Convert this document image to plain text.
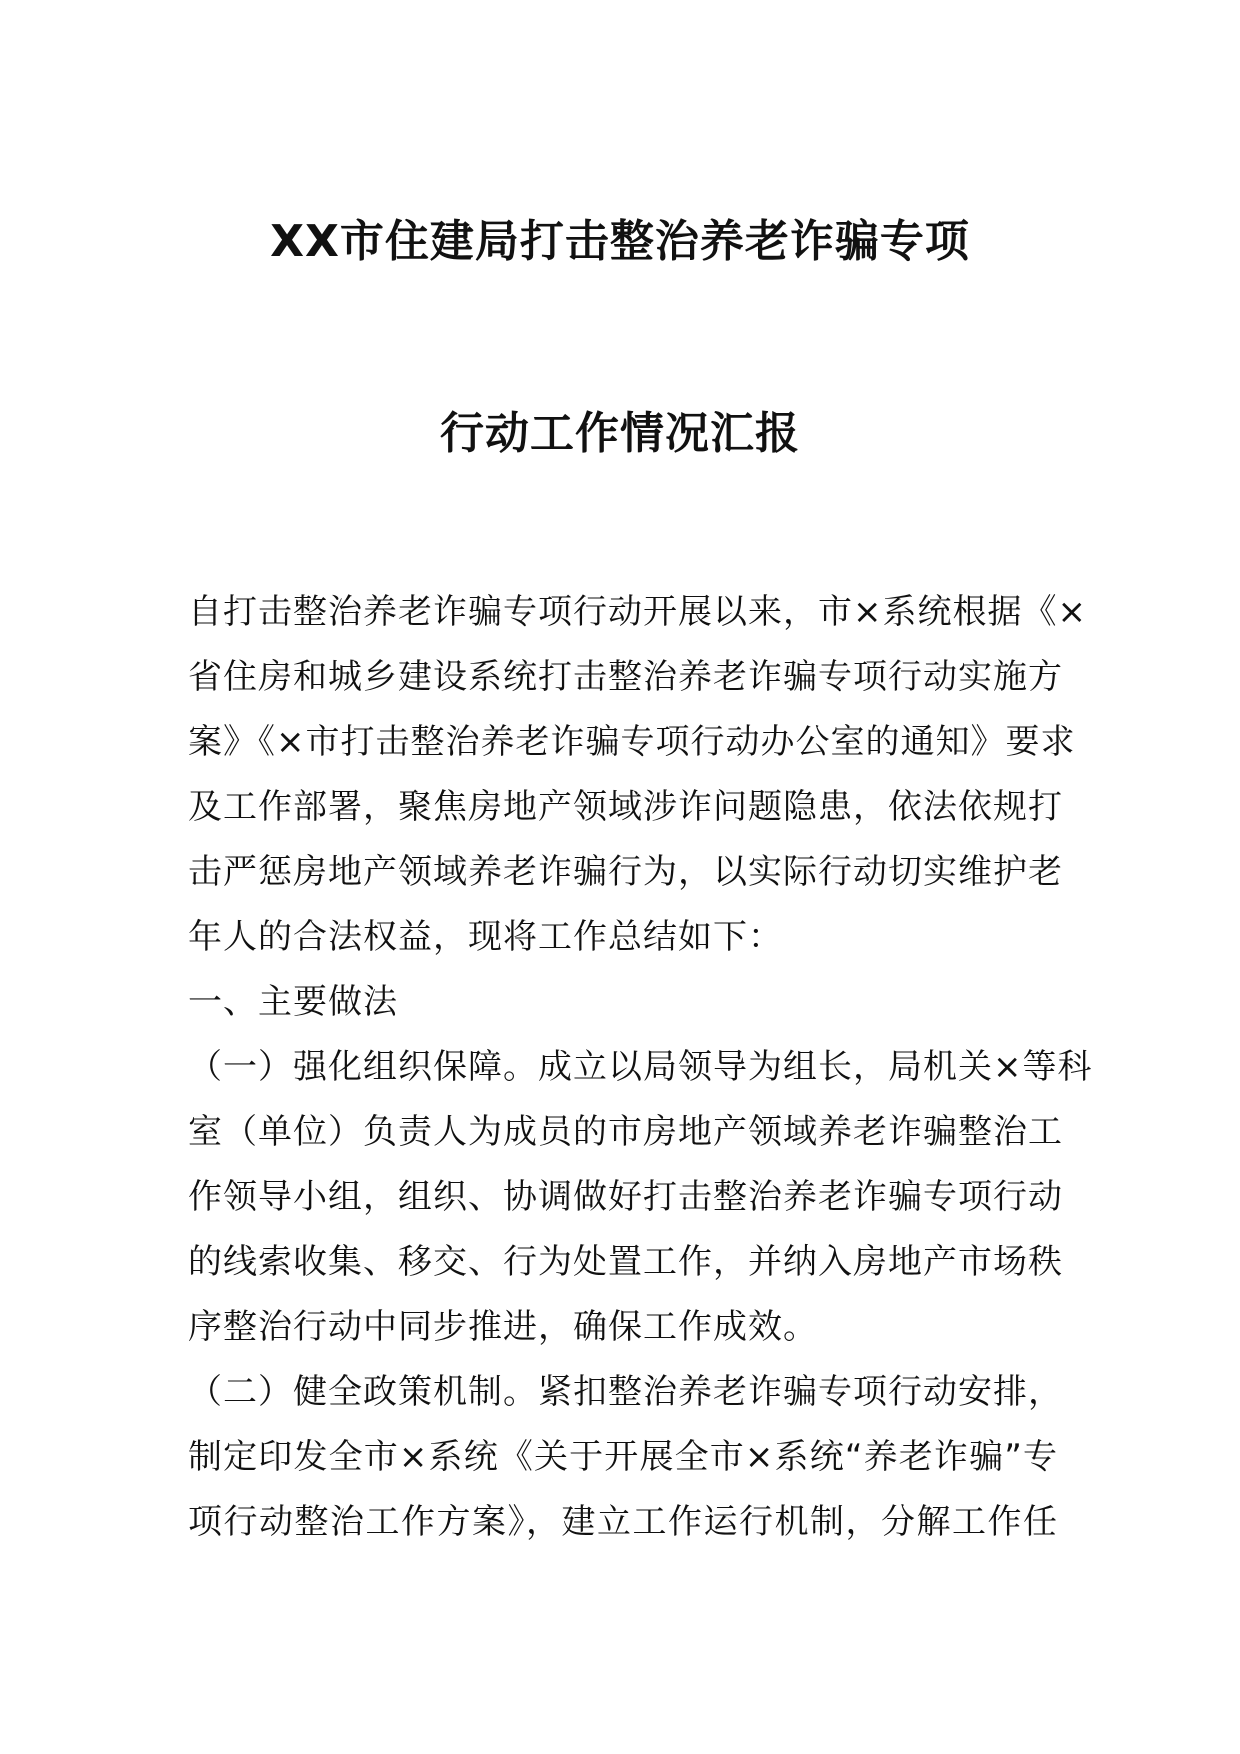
XX市住建局打击整治养老诈骗专项
行动工作情况汇报
自打击整治养老诈骗专项行动开展以来，市×系统根据《×
省住房和城乡建设系统打击整治养老诈骗专项行动实施方
案》《×市打击整治养老诈骗专项行动办公室的通知》要求
及工作部署，聚焦房地产领域涉诈问题隐患，依法依规打
击严惩房地产领域养老诈骗行为，以实际行动切实维护老
年人的合法权益，现将工作总结如下：
一、主要做法
（一）强化组织保障。成立以局领导为组长，局机关×等科
室（单位）负责人为成员的市房地产领域养老诈骗整治工
作领导小组，组织、协调做好打击整治养老诈骗专项行动
的线索收集、移交、行为处置工作，并纳入房地产市场秩
序整治行动中同步推进，确保工作成效。
（二）健全政策机制。紧扣整治养老诈骗专项行动安排，
制定印发全市×系统《关于开展全市×系统“养老诈骗”专
项行动整治工作方案》，建立工作运行机制，分解工作任
